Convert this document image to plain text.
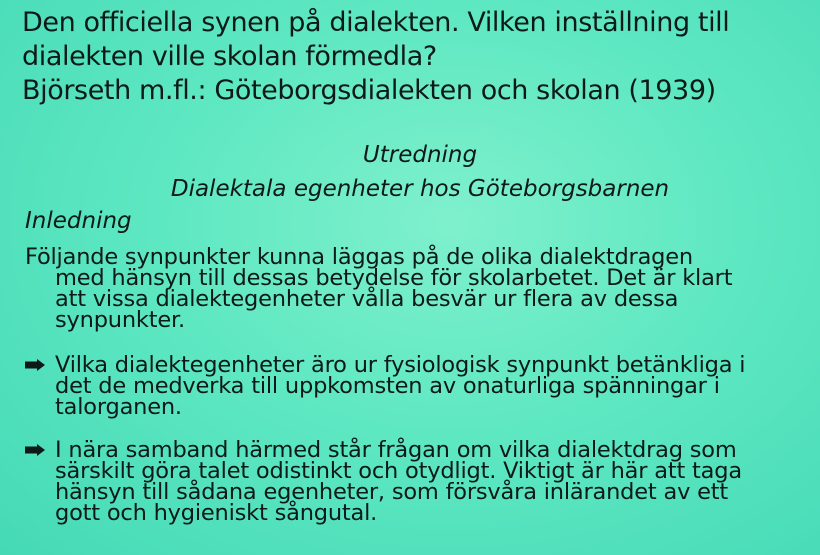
Den officiella synen på dialekten. Vilken inställning till
dialekten ville skolan förmedla?
Björseth m.fl.: Göteborgsdialekten och skolan (1939)
Utredning
Dialektala egenheter hos Göteborgsbarnen
Inledning
Följande synpunkter kunna läggas på de olika dialektdragen
med hänsyn till dessas betydelse för skolarbetet. Det är klart
att vissa dialektegenheter vålla besvär ur flera av dessa
synpunkter.
Vilka dialektegenheter äro ur fysiologisk synpunkt betänkliga i
det de medverka till uppkomsten av onaturliga spänningar i
talorganen.
I nära samband härmed står frågan om vilka dialektdrag som
särskilt göra talet odistinkt och otydligt. Viktigt är här att taga
hänsyn till sådana egenheter, som försvåra inlärandet av ett
gott och hygieniskt sångutal.
